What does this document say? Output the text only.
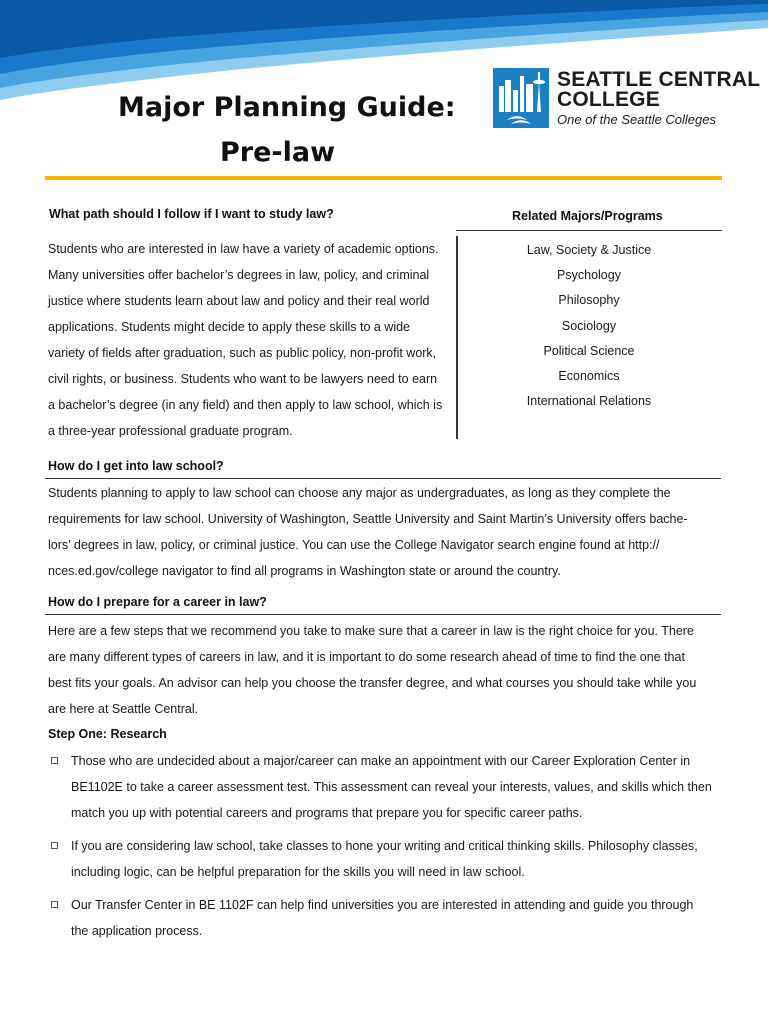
Major Planning Guide:
Pre-law
SEATTLE CENTRAL
COLLEGE
One of the Seattle Colleges
What path should I follow if I want to study law?	Related Majors/Programs
Students who are interested in law have a variety of academic options.
Many universities offer bachelor’s degrees in law, policy, and criminal
justice where students learn about law and policy and their real world
applications. Students might decide to apply these skills to a wide
variety of fields after graduation, such as public policy, non-profit work,
civil rights, or business. Students who want to be lawyers need to earn
a bachelor’s degree (in any field) and then apply to law school, which is
a three-year professional graduate program.
Law, Society & Justice
Psychology
Philosophy
Sociology
Political Science
Economics
International Relations
How do I get into law school?
Students planning to apply to law school can choose any major as undergraduates, as long as they complete the
requirements for law school. University of Washington, Seattle University and Saint Martin’s University offers bache-
lors’ degrees in law, policy, or criminal justice. You can use the College Navigator search engine found at http://
nces.ed.gov/college navigator to find all programs in Washington state or around the country.
How do I prepare for a career in law?
Here are a few steps that we recommend you take to make sure that a career in law is the right choice for you. There
are many different types of careers in law, and it is important to do some research ahead of time to find the one that
best fits your goals. An advisor can help you choose the transfer degree, and what courses you should take while you
are here at Seattle Central.
Step One: Research
Those who are undecided about a major/career can make an appointment with our Career Exploration Center in
BE1102E to take a career assessment test. This assessment can reveal your interests, values, and skills which then
match you up with potential careers and programs that prepare you for specific career paths.
If you are considering law school, take classes to hone your writing and critical thinking skills. Philosophy classes,
including logic, can be helpful preparation for the skills you will need in law school.
Our Transfer Center in BE 1102F can help find universities you are interested in attending and guide you through
the application process.
